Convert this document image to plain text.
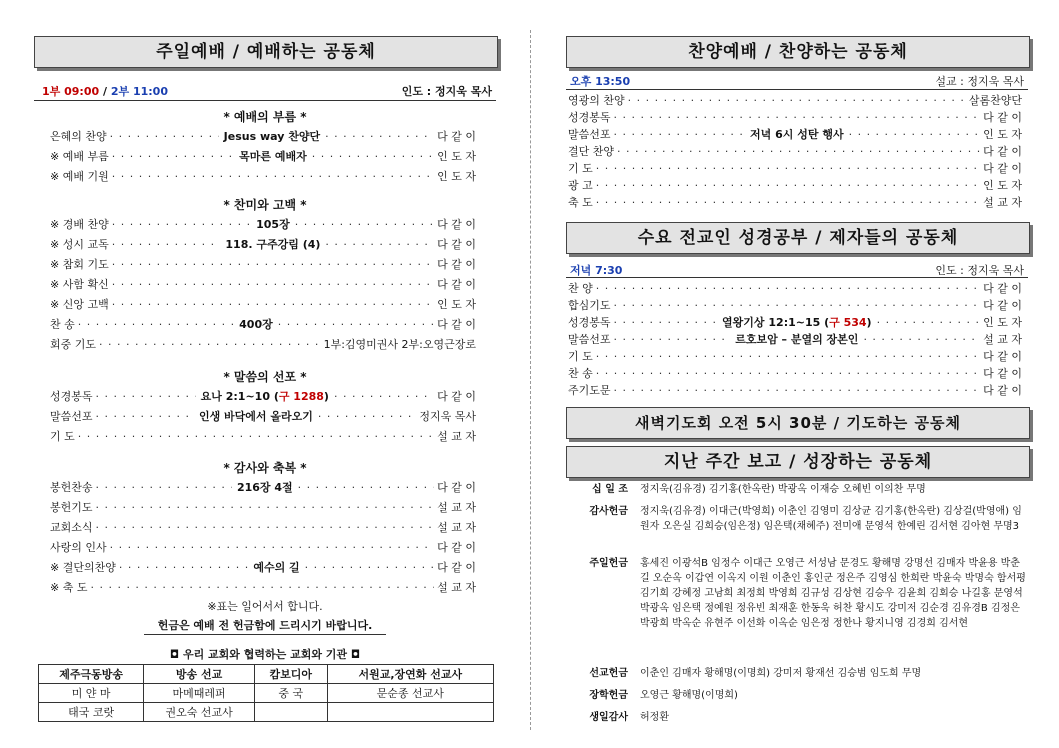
주일예배 / 예배하는 공동체
1부 09:00 / 2부 11:00	인도 : 정지욱 목사
* 예배의 부름 *
은혜의 찬양 · · ·	Jesus way 찬양단 · · ·	다 같 이
※ 예배 부름 · · ·	목마른 예배자 · · ·	인 도 자
※ 예배 기원 · · ·	인 도 자
* 찬미와 고백 *
※ 경배 찬양 · · ·	105장 · · ·	다 같 이
※ 성시 교독 · · ·	118. 구주강림 (4) · · ·	다 같 이
※ 참회 기도 · · ·	다 같 이
※ 사함 확신 · · ·	다 같 이
※ 신앙 고백 · · ·	인 도 자
찬 송 · · ·	400장 · · ·	다 같 이
회중 기도 · · ·	1부:김영미권사 2부:오영근장로
* 말씀의 선포 *
성경봉독 · · ·	요나 2:1~10 (구 1288) · · ·	다 같 이
말씀선포 · · ·	인생 바닥에서 올라오기 · · ·	정지욱 목사
기 도 · · ·	설 교 자
* 감사와 축복 *
봉헌찬송 · · ·	216장 4절 · · ·	다 같 이
봉헌기도 · · ·	설 교 자
교회소식 · · ·	설 교 자
사랑의 인사 · · ·	다 같 이
※ 결단의찬양 · · ·	예수의 길 · · ·	다 같 이
※ 축 도 · · ·	설 교 자
※표는 일어서서 합니다.
헌금은 예배 전 헌금함에 드리시기 바랍니다.
◘ 우리 교회와 협력하는 교회와 기관 ◘
제주극동방송	방송 선교	캄보디아	서원교,장연화 선교사
미 얀 마	마메때레퍼	중 국	문순종 선교사
태국 코랏	권오숙 선교사		
찬양예배 / 찬양하는 공동체
오후 13:50	설교 : 정지욱 목사
영광의 찬양 · · ·	살롬찬양단
성경봉독 · · ·	다 같 이
말씀선포 · · ·	저녁 6시 성탄 행사 · · ·	인 도 자
결단 찬양 · · ·	다 같 이
기 도 · · ·	다 같 이
광 고 · · ·	인 도 자
축 도 · · ·	설 교 자
수요 전교인 성경공부 / 제자들의 공동체
저녁 7:30	인도 : 정지욱 목사
찬 양 · · ·	다 같 이
합심기도 · · ·	다 같 이
성경봉독 · · ·	열왕기상 12:1~15 (구 534) · · ·	인 도 자
말씀선포 · · ·	르호보암 – 분열의 장본인 · · ·	설 교 자
기 도 · · ·	다 같 이
찬 송 · · ·	다 같 이
주기도문 · · ·	다 같 이
새벽기도회 오전 5시 30분 / 기도하는 공동체
지난 주간 보고 / 성장하는 공동체
십 일 조	정지욱(김유경) 김기홍(한옥란) 박광옥 이재승 오혜빈 이의찬 무명
감사헌금	정지욱(김유경) 이대근(박영희) 이춘인 김영미 김상균 김기홍(한옥란) 김상걸(박영애) 임원자 오은실 김희승(임은정) 임은택(채혜주) 전미애 문영석 한예린 김서현 김아현 무명3
주일헌금	홍세진 이광석B 임정수 이대근 오영근 서성남 문경도 황해명 강명선 김매자 박윤용 박춘길 오순옥 이갑연 이옥지 이원 이춘인 홍인군 정은주 김영심 한희란 박윤숙 박명숙 함서평 김기희 강혜정 고남희 최정희 박영희 김규성 김상현 김승우 김윤희 김회승 나길홍 문영석 박광옥 임은택 정예원 정유빈 최재훈 한동욱 허찬 황시도 강미저 김순경 김유경B 김정은 박광희 박옥순 유현주 이선화 이옥순 임은정 정한나 황지니영 김경희 김서현
선교헌금	이춘인 김매자 황해명(이명희) 강미저 황재선 김승범 임도희 무명
장학헌금	오영근 황해명(이명희)
생일감사	허정환
